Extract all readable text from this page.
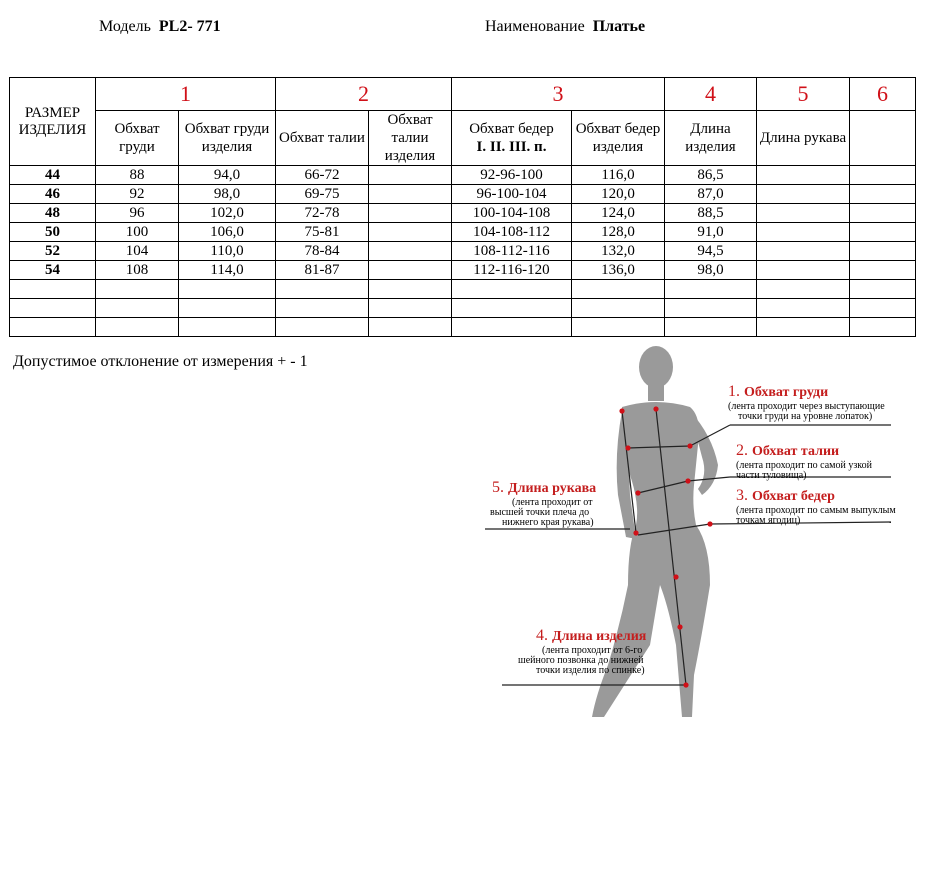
Модель PL2- 771	Наименование Платье
РАЗМЕР ИЗДЕЛИЯ	1		2		3		4	5	6
	Обхват груди	Обхват груди изделия	Обхват талии	Обхват талии изделия	Обхват бедер
I. II. III. п.	Обхват бедер изделия	Длина изделия	Длина рукава	
44	88	94,0	66-72		92-96-100	116,0	86,5		
46	92	98,0	69-75		96-100-104	120,0	87,0		
48	96	102,0	72-78		100-104-108	124,0	88,5		
50	100	106,0	75-81		104-108-112	128,0	91,0		
52	104	110,0	78-84		108-112-116	132,0	94,5		
54	108	114,0	81-87		112-116-120	136,0	98,0		

Допустимое отклонение от измерения + - 1
1. Обхват груди
(лента проходит через выступающие
точки груди на уровне лопаток)
2. Обхват талии
(лента проходит по самой узкой
части туловища)
3. Обхват бедер
(лента проходит по самым выпуклым
точкам ягодиц)
5. Длина рукава
(лента проходит от
высшей точки плеча до
нижнего края рукава)
4. Длина изделия
(лента проходит от 6-го
шейного позвонка до нижней
точки изделия по спинке)
